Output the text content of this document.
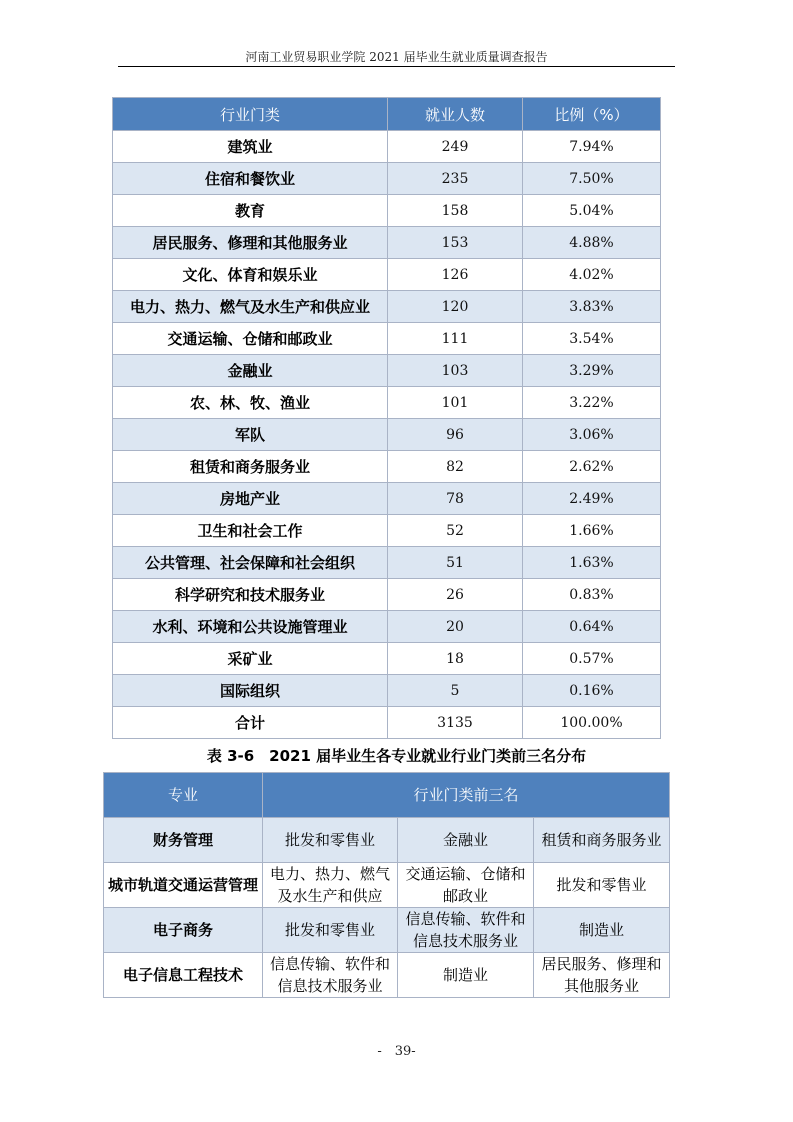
河南工业贸易职业学院 2021 届毕业生就业质量调查报告
行业门类	就业人数	比例（%）
建筑业	249	7.94%
住宿和餐饮业	235	7.50%
教育	158	5.04%
居民服务、修理和其他服务业	153	4.88%
文化、体育和娱乐业	126	4.02%
电力、热力、燃气及水生产和供应业	120	3.83%
交通运输、仓储和邮政业	111	3.54%
金融业	103	3.29%
农、林、牧、渔业	101	3.22%
军队	96	3.06%
租赁和商务服务业	82	2.62%
房地产业	78	2.49%
卫生和社会工作	52	1.66%
公共管理、社会保障和社会组织	51	1.63%
科学研究和技术服务业	26	0.83%
水利、环境和公共设施管理业	20	0.64%
采矿业	18	0.57%
国际组织	5	0.16%
合计	3135	100.00%
表 3-6　2021 届毕业生各专业就业行业门类前三名分布
专业	行业门类前三名		
财务管理	批发和零售业	金融业	租赁和商务服务业
城市轨道交通运营管理	电力、热力、燃气及水生产和供应	交通运输、仓储和邮政业	批发和零售业
电子商务	批发和零售业	信息传输、软件和信息技术服务业	制造业
电子信息工程技术	信息传输、软件和信息技术服务业	制造业	居民服务、修理和其他服务业
-　39-
